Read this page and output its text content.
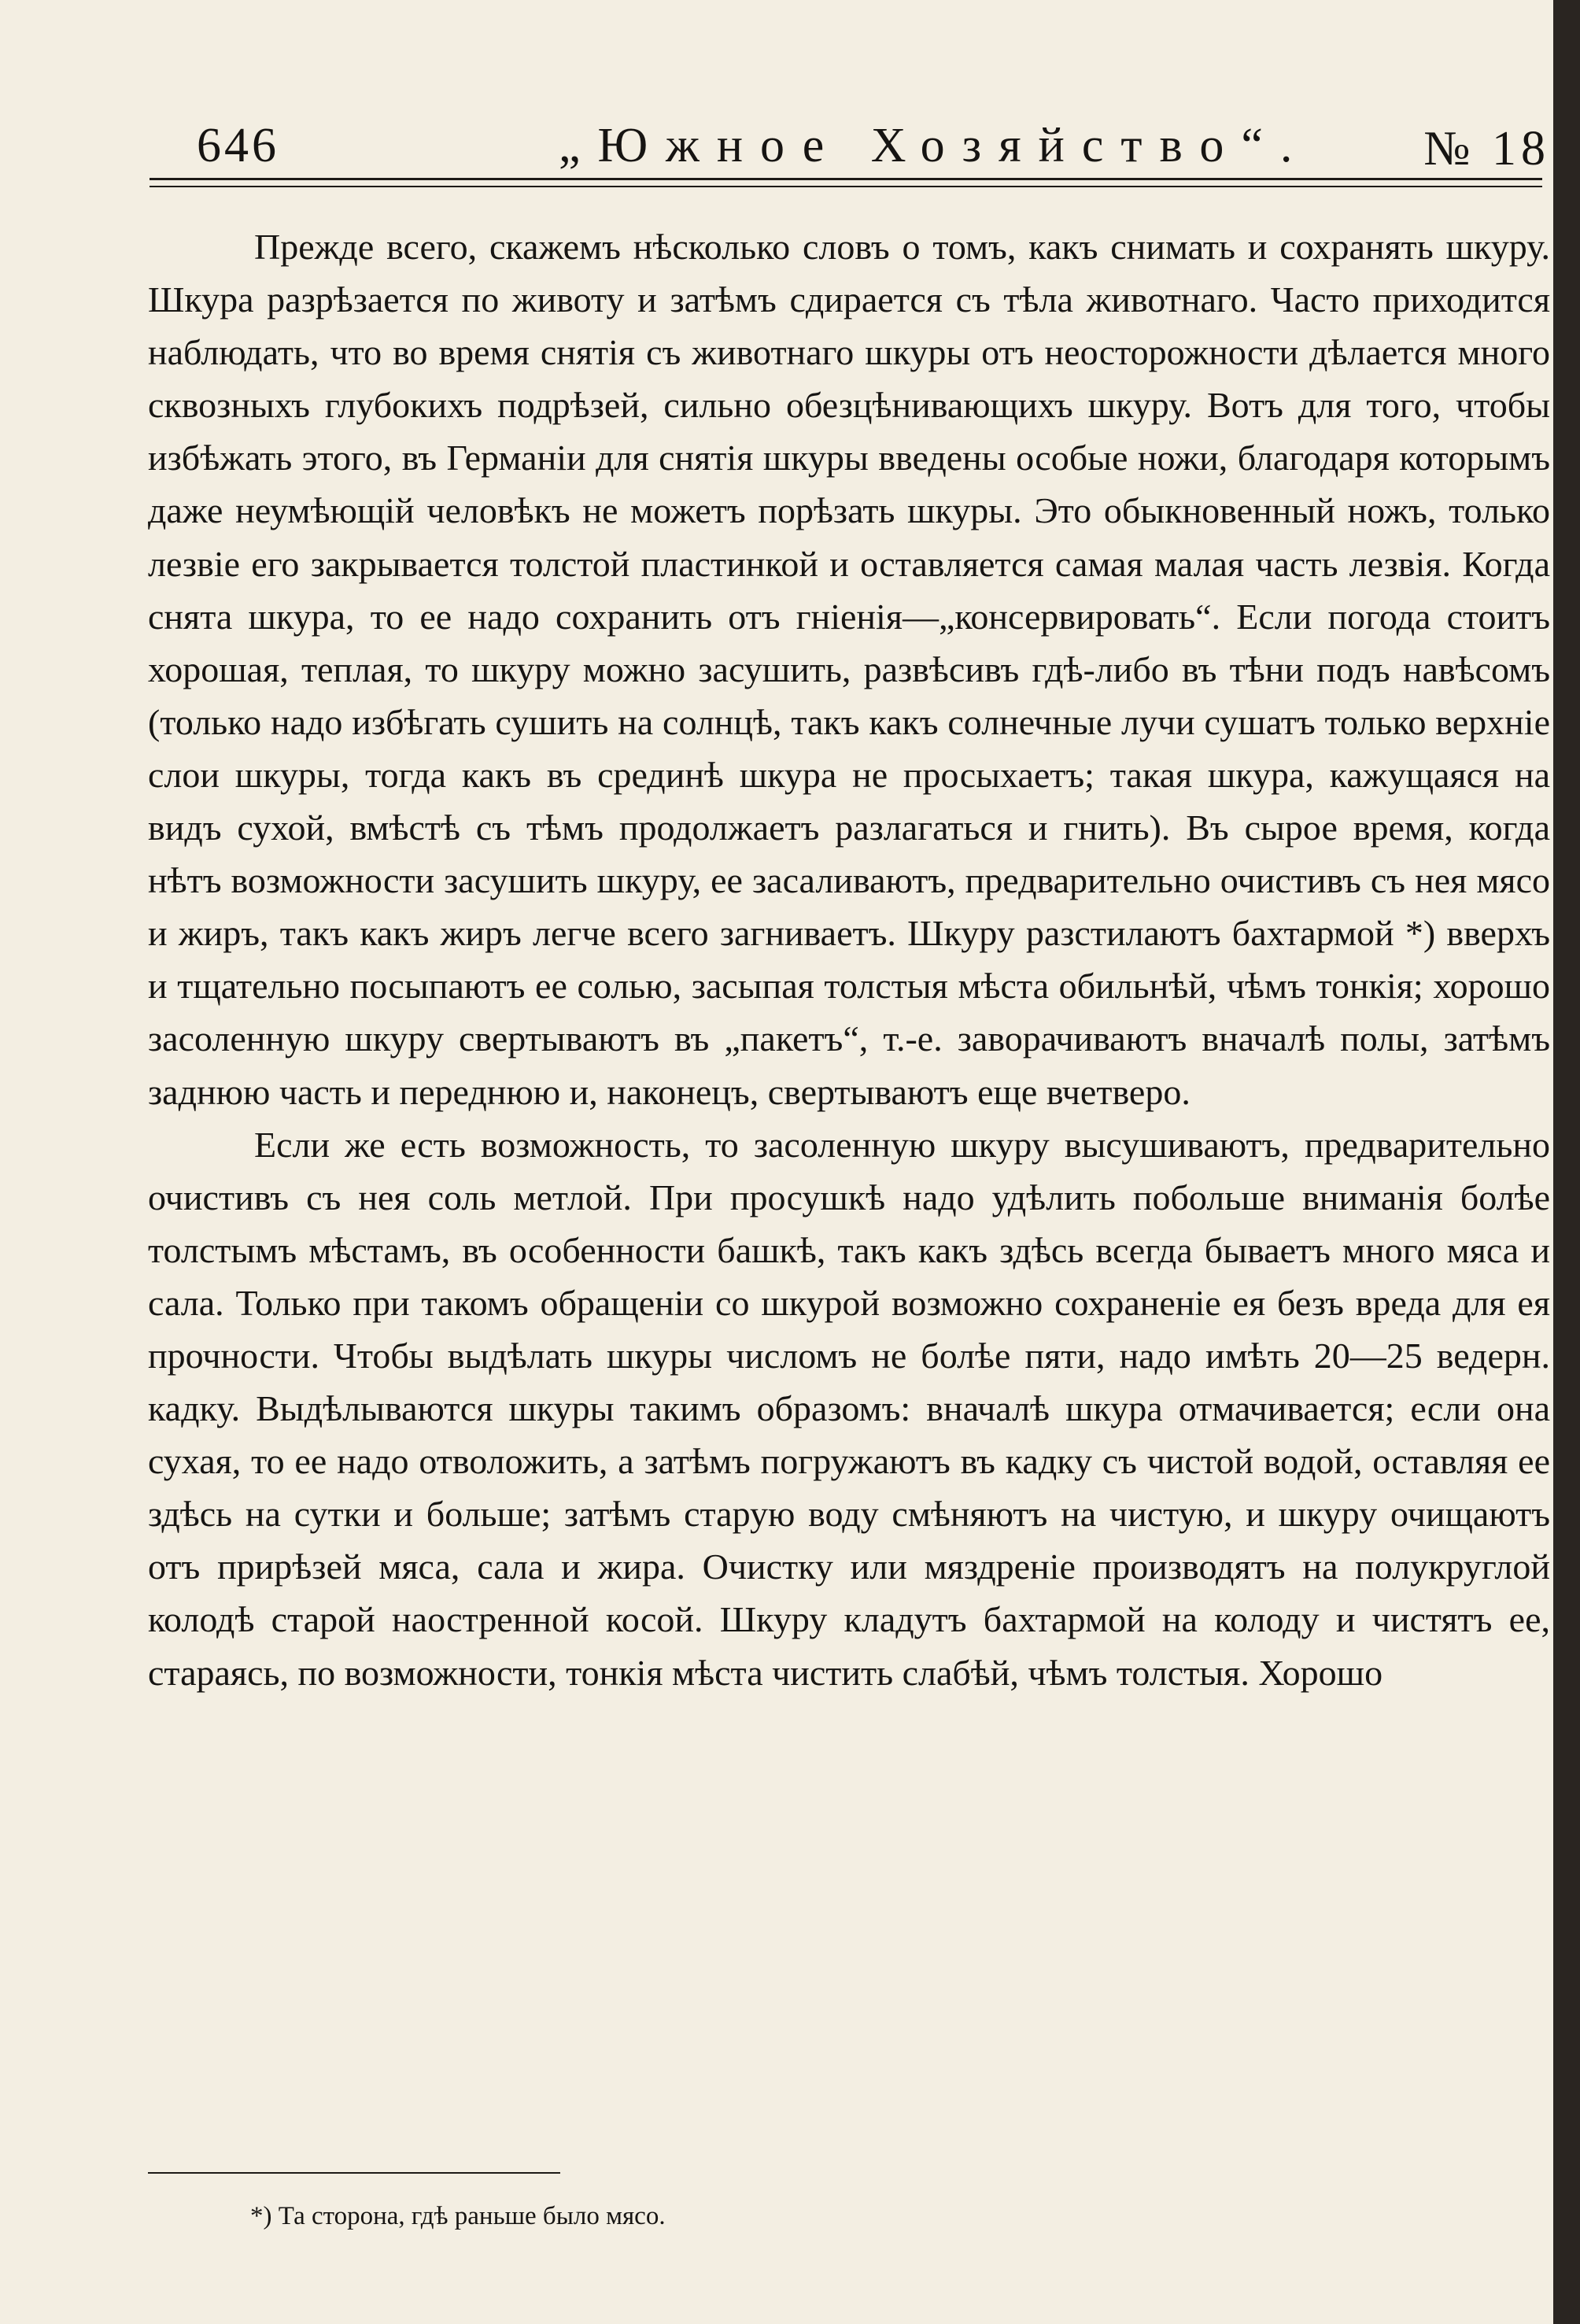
646	„Южное Хозяйство“. № 18

Прежде всего, скажемъ нѣсколько словъ о томъ, какъ снимать и сохранять шкуру. Шкура разрѣзается по животу и затѣмъ сдирается съ тѣла животнаго. Часто приходится наблюдать, что во время снятія съ животнаго шкуры отъ неосторожности дѣлается много сквозныхъ глубокихъ подрѣзей, сильно обезцѣнивающихъ шкуру. Вотъ для того, чтобы избѣжать этого, въ Германіи для снятія шкуры введены особые ножи, благодаря которымъ даже неумѣющій человѣкъ не можетъ порѣзать шкуры. Это обыкновенный ножъ, только лезвіе его закрывается толстой пластинкой и оставляется самая малая часть лезвія. Когда снята шкура, то ее надо сохранить отъ гніенія—„консервировать“. Если погода стоитъ хорошая, теплая, то шкуру можно засушить, развѣсивъ гдѣ-либо въ тѣни подъ навѣсомъ (только надо избѣгать сушить на солнцѣ, такъ какъ солнечные лучи сушатъ только верхніе слои шкуры, тогда какъ въ срединѣ шкура не просыхаетъ; такая шкура, кажущаяся на видъ сухой, вмѣстѣ съ тѣмъ продолжаетъ разлагаться и гнить). Въ сырое время, когда нѣтъ возможности засушить шкуру, ее засаливаютъ, предварительно очистивъ съ нея мясо и жиръ, такъ какъ жиръ легче всего загниваетъ. Шкуру разстилаютъ бахтармой *) вверхъ и тщательно посыпаютъ ее солью, засыпая толстыя мѣста обильнѣй, чѣмъ тонкія; хорошо засоленную шкуру свертываютъ въ „пакетъ“, т.-е. заворачиваютъ вначалѣ полы, затѣмъ заднюю часть и переднюю и, наконецъ, свертываютъ еще вчетверо.

Если же есть возможность, то засоленную шкуру высушиваютъ, предварительно очистивъ съ нея соль метлой. При просушкѣ надо удѣлить побольше вниманія болѣе толстымъ мѣстамъ, въ особенности башкѣ, такъ какъ здѣсь всегда бываетъ много мяса и сала. Только при такомъ обращеніи со шкурой возможно сохраненіе ея безъ вреда для ея прочности. Чтобы выдѣлать шкуры числомъ не болѣе пяти, надо имѣть 20—25 ведерн. кадку. Выдѣлываются шкуры такимъ образомъ: вначалѣ шкура отмачивается; если она сухая, то ее надо отволожить, а затѣмъ погружаютъ въ кадку съ чистой водой, оставляя ее здѣсь на сутки и больше; затѣмъ старую воду смѣняютъ на чистую, и шкуру очищаютъ отъ прирѣзей мяса, сала и жира. Очистку или мяздреніе производятъ на полукруглой колодѣ старой наостренной косой. Шкуру кладутъ бахтармой на колоду и чистятъ ее, стараясь, по возможности, тонкія мѣста чистить слабѣй, чѣмъ толстыя. Хорошо

*) Та сторона, гдѣ раньше было мясо.
